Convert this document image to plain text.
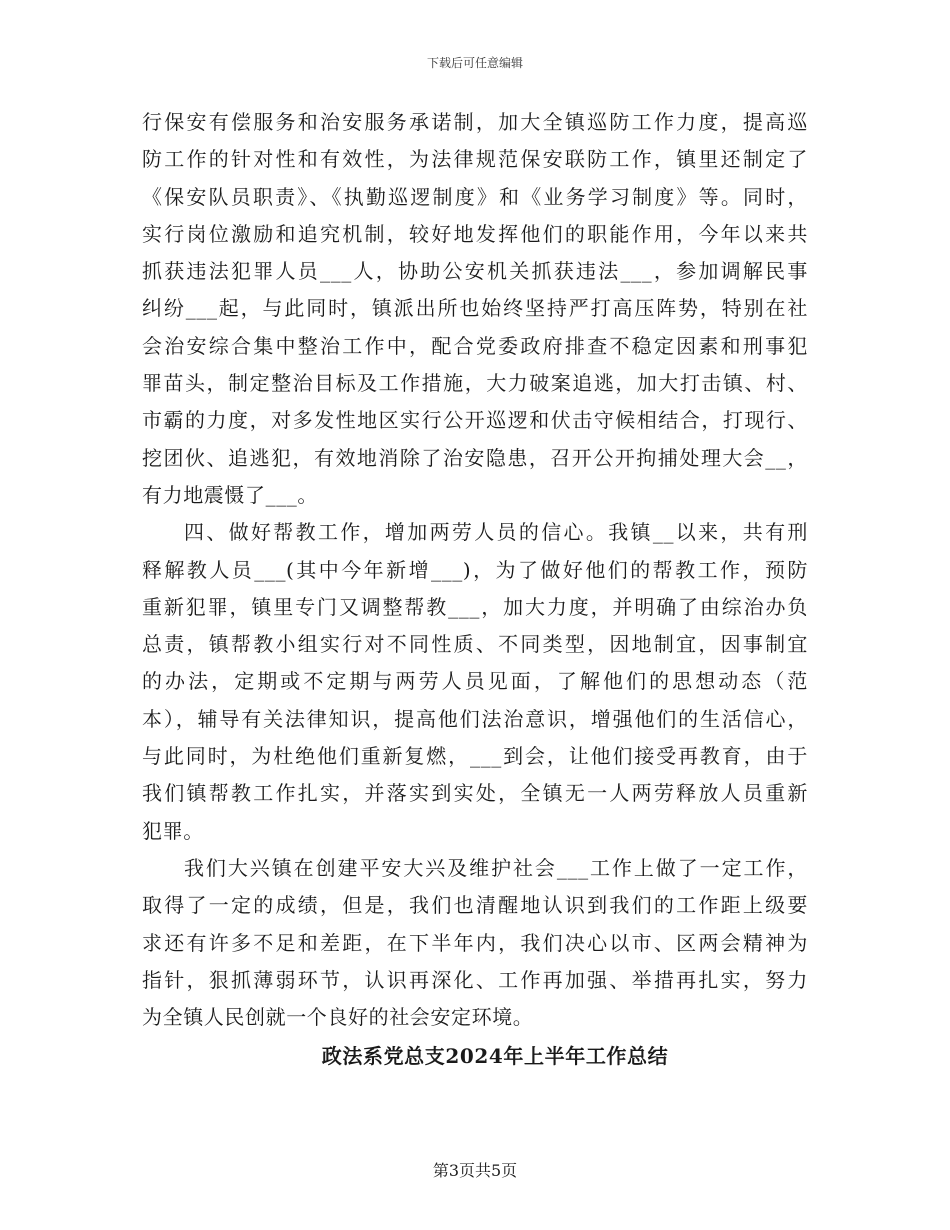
下载后可任意编辑
行保安有偿服务和治安服务承诺制，加大全镇巡防工作力度，提高巡
防工作的针对性和有效性，为法律规范保安联防工作，镇里还制定了
《保安队员职责》、《执勤巡逻制度》和《业务学习制度》等。同时，
实行岗位激励和追究机制，较好地发挥他们的职能作用，今年以来共
抓获违法犯罪人员___人，协助公安机关抓获违法___，参加调解民事
纠纷___起，与此同时，镇派出所也始终坚持严打高压阵势，特别在社
会治安综合集中整治工作中，配合党委政府排查不稳定因素和刑事犯
罪苗头，制定整治目标及工作措施，大力破案追逃，加大打击镇、村、
市霸的力度，对多发性地区实行公开巡逻和伏击守候相结合，打现行、
挖团伙、追逃犯，有效地消除了治安隐患，召开公开拘捕处理大会__，
有力地震慑了___。
四、做好帮教工作，增加两劳人员的信心。我镇__以来，共有刑
释解教人员___(其中今年新增___)，为了做好他们的帮教工作，预防
重新犯罪，镇里专门又调整帮教___，加大力度，并明确了由综治办负
总责，镇帮教小组实行对不同性质、不同类型，因地制宜，因事制宜
的办法，定期或不定期与两劳人员见面，了解他们的思想动态（范
本），辅导有关法律知识，提高他们法治意识，增强他们的生活信心，
与此同时，为杜绝他们重新复燃，___到会，让他们接受再教育，由于
我们镇帮教工作扎实，并落实到实处，全镇无一人两劳释放人员重新
犯罪。
我们大兴镇在创建平安大兴及维护社会___工作上做了一定工作，
取得了一定的成绩，但是，我们也清醒地认识到我们的工作距上级要
求还有许多不足和差距，在下半年内，我们决心以市、区两会精神为
指针，狠抓薄弱环节，认识再深化、工作再加强、举措再扎实，努力
为全镇人民创就一个良好的社会安定环境。
政法系党总支2024年上半年工作总结
第3页共5页
